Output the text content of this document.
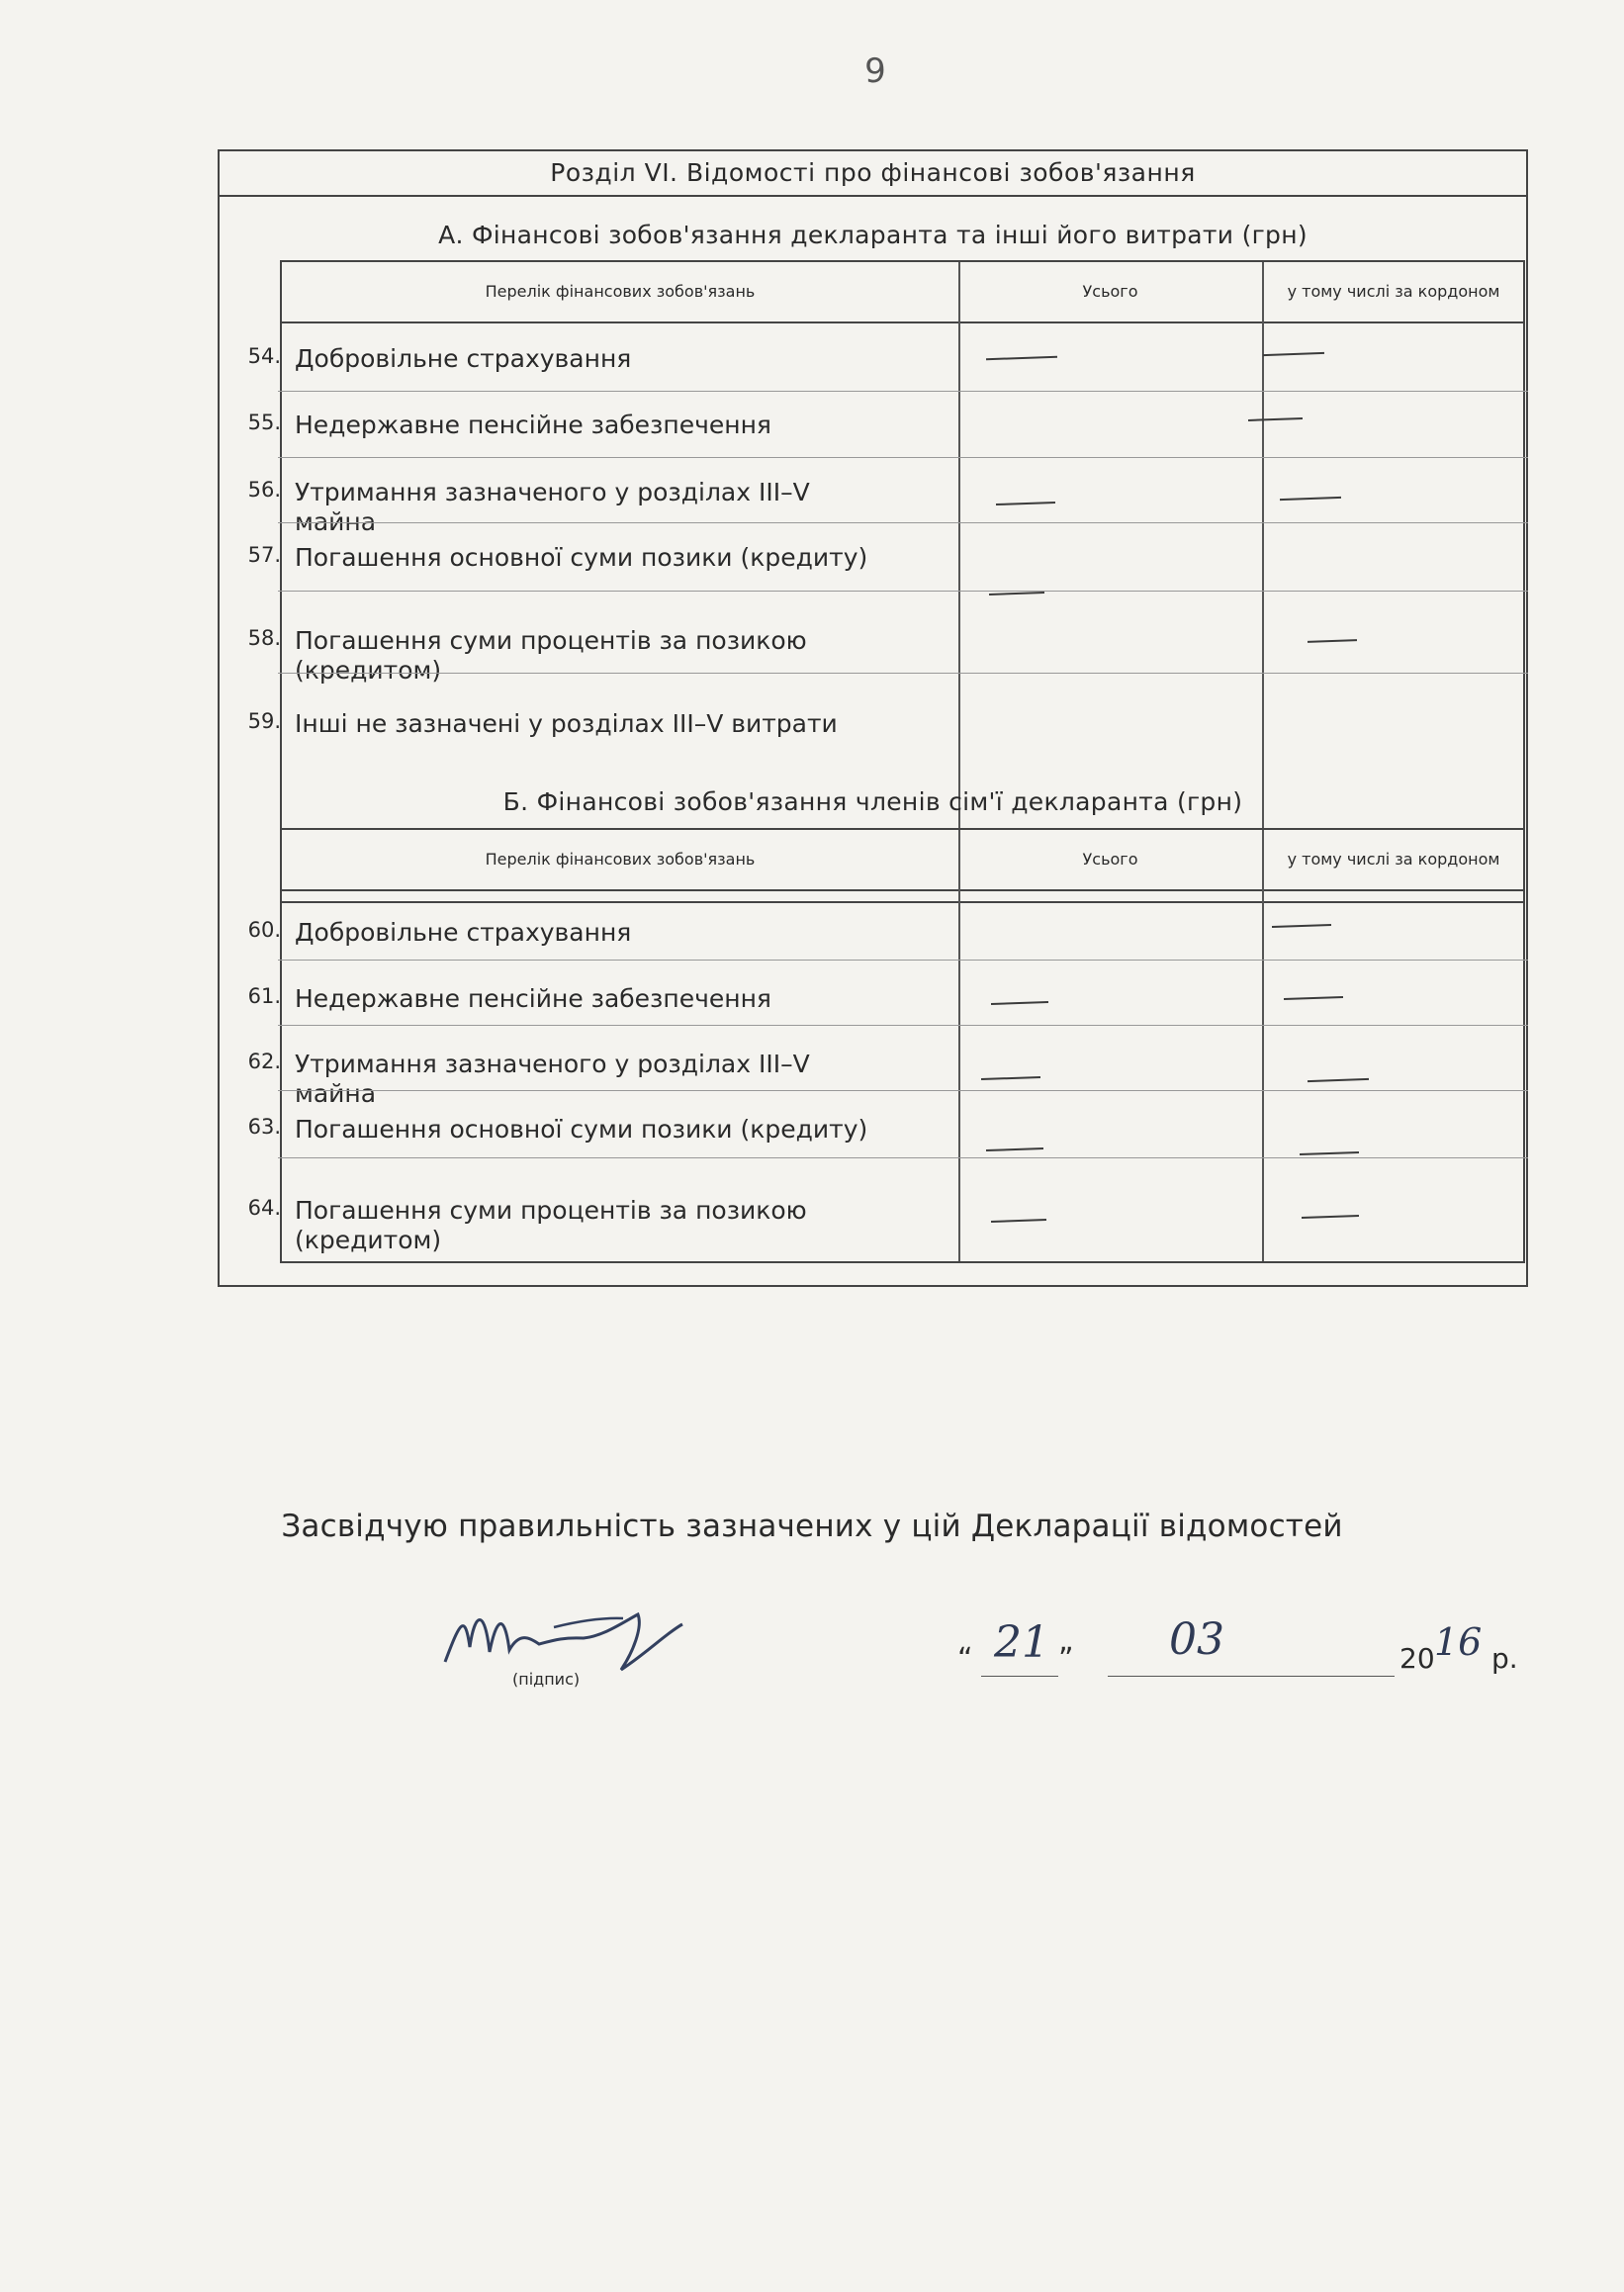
9
Розділ VI. Відомості про фінансові зобов'язання
А. Фінансові зобов'язання декларанта та інші його витрати (грн)
Перелік фінансових зобов'язань	Усього	у тому числі за кордоном
54. Добровільне страхування
55. Недержавне пенсійне забезпечення
56. Утримання зазначеного у розділах III–V майна
57. Погашення основної суми позики (кредиту)
58. Погашення суми процентів за позикою (кредитом)
59. Інші не зазначені у розділах III–V витрати
Б. Фінансові зобов'язання членів сім'ї декларанта (грн)
Перелік фінансових зобов'язань	Усього	у тому числі за кордоном
60. Добровільне страхування
61. Недержавне пенсійне забезпечення
62. Утримання зазначеного у розділах III–V майна
63. Погашення основної суми позики (кредиту)
64. Погашення суми процентів за позикою (кредитом)
Засвідчую правильність зазначених у цій Декларації відомостей
(підпис)
“ 21 ” 03	20 16 р.
